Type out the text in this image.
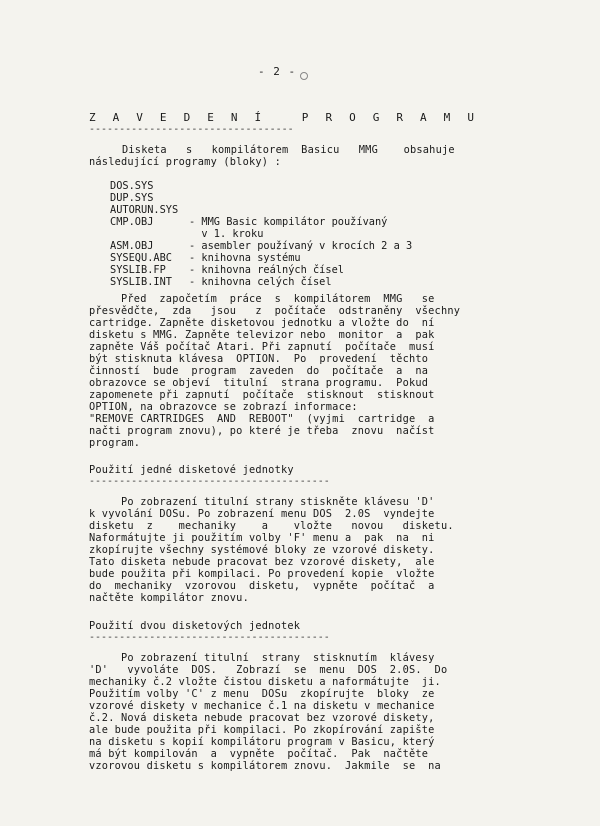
- 2 -
Z A V E D E N Í   P R O G R A M U
----------------------------------
Disketa   s   kompilátorem  Basicu   MMG    obsahuje
následující programy (bloky) :
DOS.SYS
DUP.SYS
AUTORUN.SYS
CMP.OBJ	- MMG Basic kompilátor používaný
v 1. kroku
ASM.OBJ	- asembler používaný v krocích 2 a 3
SYSEQU.ABC - knihovna systému
SYSLIB.FP - knihovna reálných čísel
SYSLIB.INT - knihovna celých čísel
Před  započetím  práce  s  kompilátorem  MMG   se
přesvědčte,  zda   jsou   z  počítače  odstraněny  všechny
cartridge. Zapněte disketovou jednotku a vložte do  ní
disketu s MMG. Zapněte televizor nebo  monitor  a  pak
zapněte Váš počítač Atari. Při zapnutí  počítače  musí
být stisknuta klávesa  OPTION.  Po  provedení  těchto
činností  bude  program  zaveden  do  počítače  a  na
obrazovce se objeví  titulní  strana programu.  Pokud
zapomenete při zapnutí  počítače  stisknout  stisknout
OPTION, na obrazovce se zobrazí informace:
"REMOVE CARTRIDGES  AND  REBOOT"  (vyjmi  cartridge  a
načti program znovu), po které je třeba  znovu  načíst
program.
Použití jedné disketové jednotky
----------------------------------------
Po zobrazení titulní strany stiskněte klávesu 'D'
k vyvolání DOSu. Po zobrazení menu DOS  2.0S  vyndejte
disketu  z    mechaniky    a    vložte   novou   disketu.
Naformátujte ji použitím volby 'F' menu a  pak  na  ni
zkopírujte všechny systémové bloky ze vzorové diskety.
Tato disketa nebude pracovat bez vzorové diskety,  ale
bude použita při kompilaci. Po provedení kopie  vložte
do  mechaniky  vzorovou  disketu,  vypněte  počítač  a
načtěte kompilátor znovu.
Použití dvou disketových jednotek
----------------------------------------
Po zobrazení titulní  strany  stisknutím  klávesy
'D'   vyvoláte  DOS.   Zobrazí  se  menu  DOS  2.0S.  Do
mechaniky č.2 vložte čistou disketu a naformátujte  ji.
Použitím volby 'C' z menu  DOSu  zkopírujte  bloky  ze
vzorové diskety v mechanice č.1 na disketu v mechanice
č.2. Nová disketa nebude pracovat bez vzorové diskety,
ale bude použita při kompilaci. Po zkopírování zapište
na disketu s kopií kompilátoru program v Basicu, který
má být kompilován  a  vypněte  počítač.  Pak  načtěte
vzorovou disketu s kompilátorem znovu.  Jakmile  se  na
